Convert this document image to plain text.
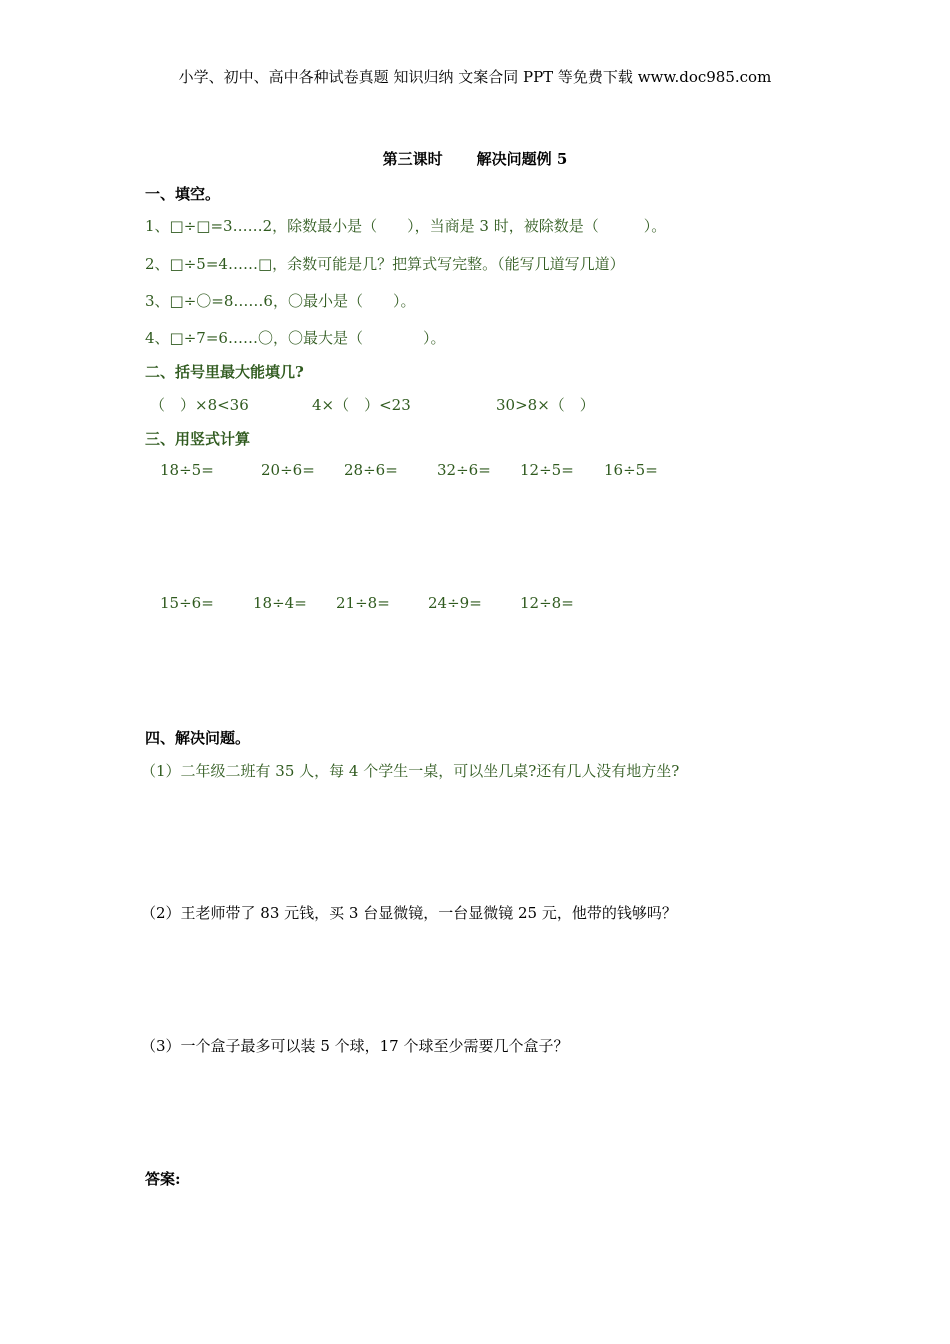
小学、初中、高中各种试卷真题 知识归纳 文案合同 PPT 等免费下载 www.doc985.com
第三课时 解决问题例 5
一、填空。
1、□÷□=3……2，除数最小是（　　），当商是 3 时，被除数是（　　　）。
2、□÷5=4……□，余数可能是几？把算式写完整。（能写几道写几道）
3、□÷〇=8……6，〇最小是（　　）。
4、□÷7=6……〇，〇最大是（　　　　）。
二、括号里最大能填几?
（　）×8<36	4×（　）<23	30>8×（　）
三、用竖式计算
18÷5=	20÷6= 28÷6=	32÷6= 12÷5= 16÷5=
15÷6=	18÷4= 21÷8=	24÷9=	12÷8=
四、解决问题。
（1）二年级二班有 35 人，每 4 个学生一桌，可以坐几桌?还有几人没有地方坐?
（2）王老师带了 83 元钱，买 3 台显微镜，一台显微镜 25 元，他带的钱够吗？
（3）一个盒子最多可以装 5 个球，17 个球至少需要几个盒子？
答案:
